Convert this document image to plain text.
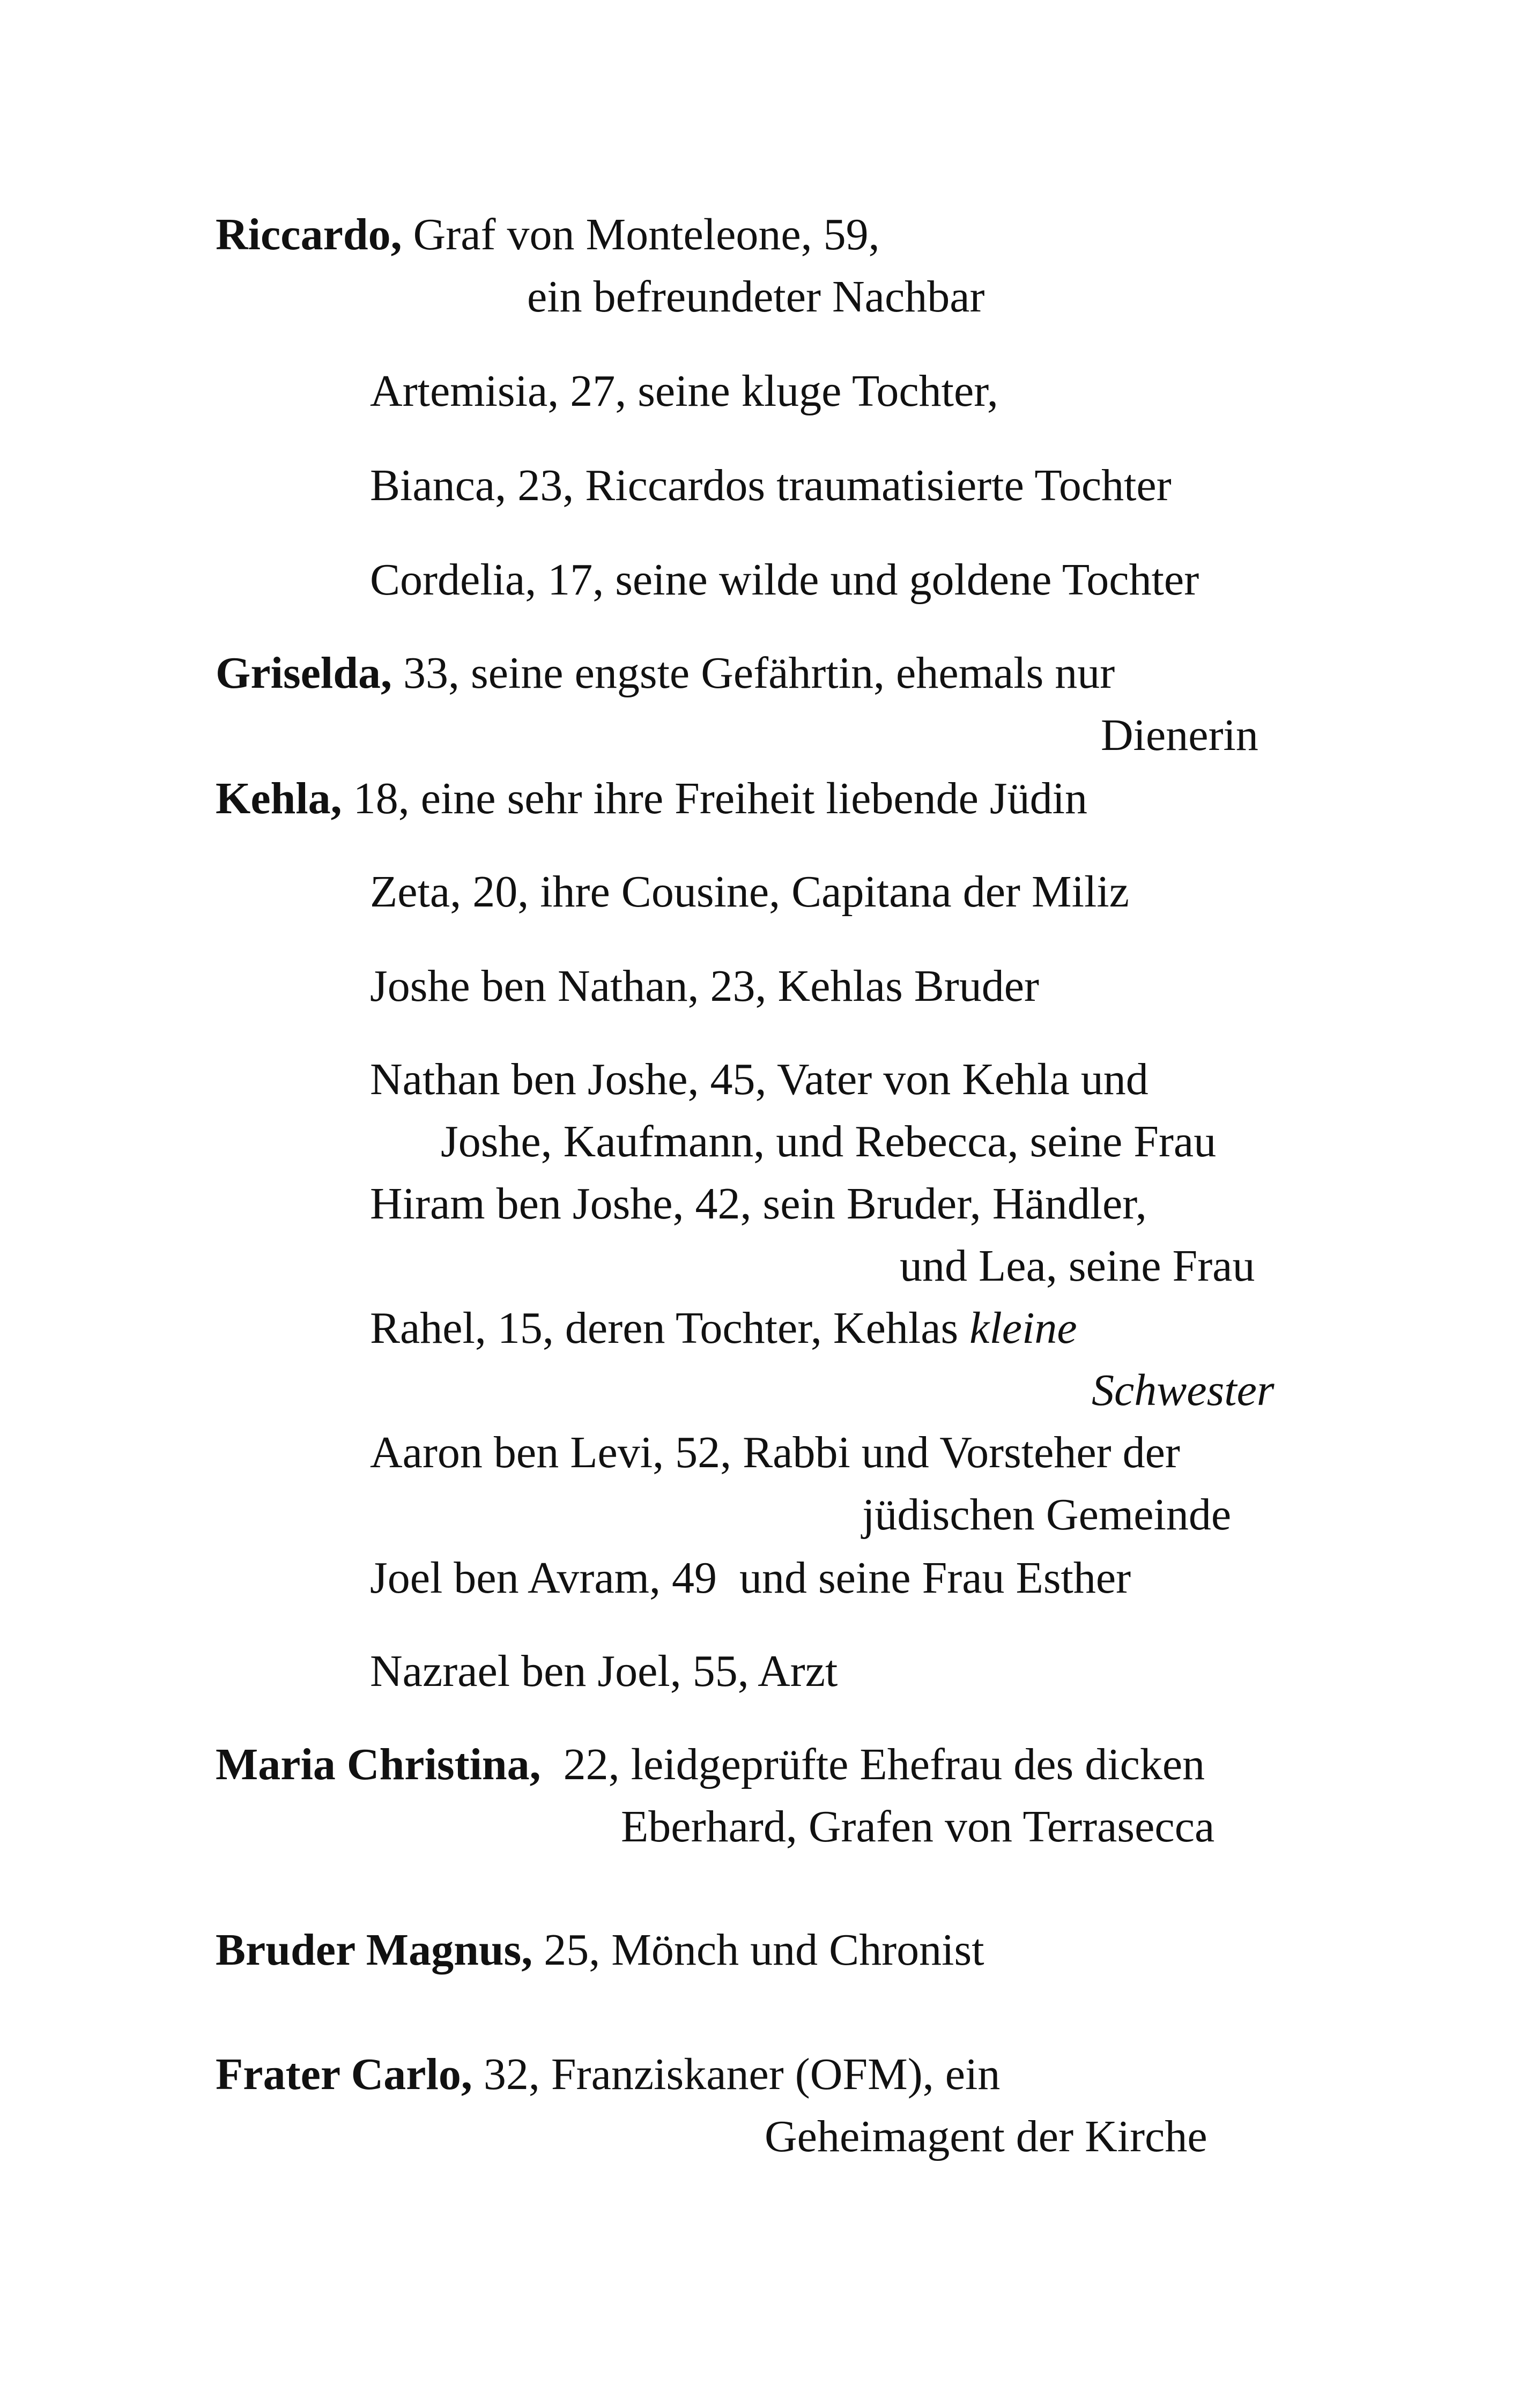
Riccardo, Graf von Monteleone, 59,

ein befreundeter Nachbar

Artemisia, 27, seine kluge Tochter,

Bianca, 23, Riccardos traumatisierte Tochter

Cordelia, 17, seine wilde und goldene Tochter

Griselda, 33, seine engste Gefährtin, ehemals nur

Dienerin

Kehla, 18, eine sehr ihre Freiheit liebende Jüdin

Zeta, 20, ihre Cousine, Capitana der Miliz

Joshe ben Nathan, 23, Kehlas Bruder

Nathan ben Joshe, 45, Vater von Kehla und

Joshe, Kaufmann, und Rebecca, seine Frau

Hiram ben Joshe, 42, sein Bruder, Händler,

und Lea, seine Frau

Rahel, 15, deren Tochter, Kehlas kleine

Schwester

Aaron ben Levi, 52, Rabbi und Vorsteher der

jüdischen Gemeinde

Joel ben Avram, 49  und seine Frau Esther

Nazrael ben Joel, 55, Arzt

Maria Christina,  22, leidgeprüfte Ehefrau des dicken

Eberhard, Grafen von Terrasecca

Bruder Magnus, 25, Mönch und Chronist

Frater Carlo, 32, Franziskaner (OFM), ein

Geheimagent der Kirche
